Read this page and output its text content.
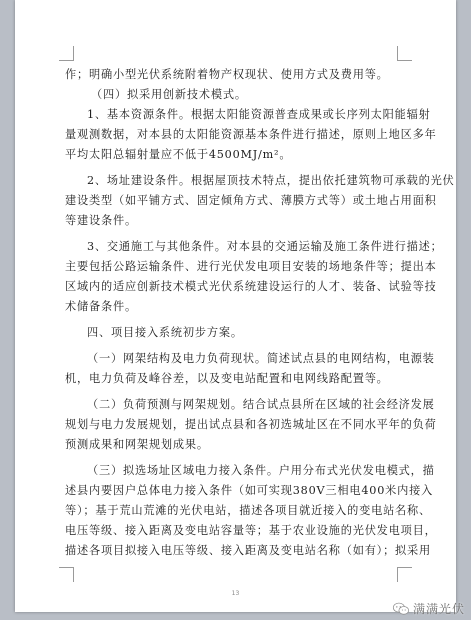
作；明确小型光伏系统附着物产权现状、使用方式及费用等。
（四）拟采用创新技术模式。
1、基本资源条件。根据太阳能资源普查成果或长序列太阳能辐射
量观测数据，对本县的太阳能资源基本条件进行描述，原则上地区多年
平均太阳总辐射量应不低于4500MJ/m²。
2、场址建设条件。根据屋顶技术特点，提出依托建筑物可承载的光伏
建设类型（如平铺方式、固定倾角方式、薄膜方式等）或土地占用面积
等建设条件。
3、交通施工与其他条件。对本县的交通运输及施工条件进行描述；
主要包括公路运输条件、进行光伏发电项目安装的场地条件等；提出本
区域内的适应创新技术模式光伏系统建设运行的人才、装备、试验等技
术储备条件。
四、项目接入系统初步方案。
（一）网架结构及电力负荷现状。简述试点县的电网结构，电源装
机，电力负荷及峰谷差，以及变电站配置和电网线路配置等。
（二）负荷预测与网架规划。结合试点县所在区域的社会经济发展
规划与电力发展规划，提出试点县和各初选城址区在不同水平年的负荷
预测成果和网架规划成果。
（三）拟选场址区域电力接入条件。户用分布式光伏发电模式，描
述县内要因户总体电力接入条件（如可实现380V三相电400米内接入
等）；基于荒山荒滩的光伏电站，描述各项目就近接入的变电站名称、
电压等级、接入距离及变电站容量等；基于农业设施的光伏发电项目，
描述各项目拟接入电压等级、接入距离及变电站名称（如有）；拟采用
13
满满光伏
